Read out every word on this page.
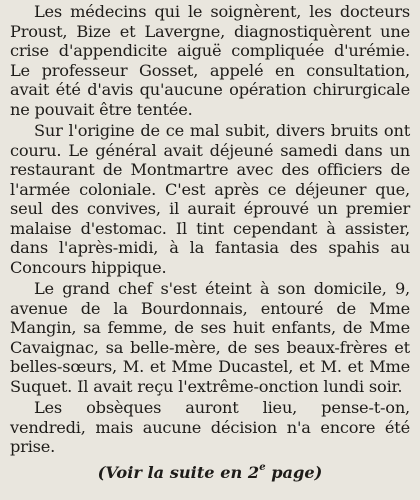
Les médecins qui le soignèrent, les docteurs Proust, Bize et Lavergne, diagnostiquèrent une crise d'appendicite aiguë compliquée d'urémie. Le professeur Gosset, appelé en consultation, avait été d'avis qu'aucune opération chirurgicale ne pouvait être tentée.

Sur l'origine de ce mal subit, divers bruits ont couru. Le général avait déjeuné samedi dans un restaurant de Montmartre avec des officiers de l'armée coloniale. C'est après ce déjeuner que, seul des convives, il aurait éprouvé un premier malaise d'estomac. Il tint cependant à assister, dans l'après-midi, à la fantasia des spahis au Concours hippique.

Le grand chef s'est éteint à son domicile, 9, avenue de la Bourdonnais, entouré de Mme Mangin, sa femme, de ses huit enfants, de Mme Cavaignac, sa belle-mère, de ses beaux-frères et belles-sœurs, M. et Mme Ducastel, et M. et Mme Suquet. Il avait reçu l'extrême-onction lundi soir.

Les obsèques auront lieu, pense-t-on, vendredi, mais aucune décision n'a encore été prise.

(Voir la suite en 2e page)
